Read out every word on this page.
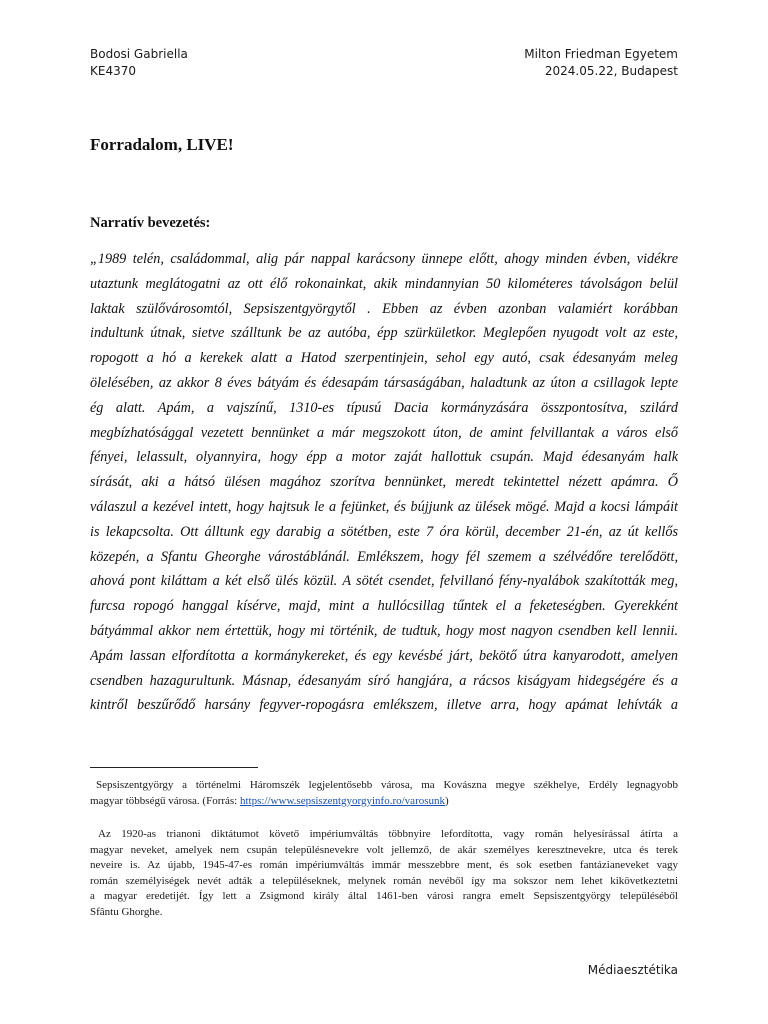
Bodosi Gabriella
KE4370
Milton Friedman Egyetem
2024.05.22, Budapest
Forradalom, LIVE!
Narratív bevezetés:
„1989 telén, családommal, alig pár nappal karácsony ünnepe előtt, ahogy minden évben, vidékre
utaztunk meglátogatni az ott élő rokonainkat, akik mindannyian 50 kilométeres távolságon belül
laktak szülővárosomtól, Sepsiszentgyörgytől . Ebben az évben azonban valamiért korábban
indultunk útnak, sietve szálltunk be az autóba, épp szürkületkor. Meglepően nyugodt volt az este,
ropogott a hó a kerekek alatt a Hatod szerpentinjein, sehol egy autó, csak édesanyám meleg
ölelésében, az akkor 8 éves bátyám és édesapám társaságában, haladtunk az úton a csillagok lepte
ég alatt. Apám, a vajszínű, 1310-es típusú Dacia kormányzására összpontosítva, szilárd
megbízhatósággal vezetett bennünket a már megszokott úton, de amint felvillantak a város első
fényei, lelassult, olyannyira, hogy épp a motor zaját hallottuk csupán. Majd édesanyám halk
sírását, aki a hátsó ülésen magához szorítva bennünket, meredt tekintettel nézett apámra. Ő
válaszul a kezével intett, hogy hajtsuk le a fejünket, és bújjunk az ülések mögé. Majd a kocsi lámpáit
is lekapcsolta. Ott álltunk egy darabig a sötétben, este 7 óra körül, december 21-én, az út kellős
közepén, a Sfantu Gheorghe várostáblánál. Emlékszem, hogy fél szemem a szélvédőre terelődött,
ahová pont kiláttam a két első ülés közül. A sötét csendet, felvillanó fény-nyalábok szakították meg,
furcsa ropogó hanggal kísérve, majd, mint a hullócsillag tűntek el a feketeségben. Gyerekként
bátyámmal akkor nem értettük, hogy mi történik, de tudtuk, hogy most nagyon csendben kell lennii.
Apám lassan elfordította a kormánykereket, és egy kevésbé járt, bekötő útra kanyarodott, amelyen
csendben hazagurultunk. Másnap, édesanyám síró hangjára, a rácsos kiságyam hidegségére és a
kintről beszűrődő harsány fegyver-ropogásra emlékszem, illetve arra, hogy apámat lehívták a
Sepsiszentgyörgy a történelmi Háromszék legjelentősebb városa, ma Kovászna megye székhelye, Erdély legnagyobb
magyar többségű városa. (Forrás: https://www.sepsiszentgyorgyinfo.ro/varosunk)
Az 1920-as trianoni diktátumot követő impériumváltás többnyire lefordította, vagy román helyesírással átírta a
magyar neveket, amelyek nem csupán településnevekre volt jellemző, de akár személyes keresztnevekre, utca és terek
neveire is. Az újabb, 1945-47-es román impériumváltás immár messzebbre ment, és sok esetben fantázianeveket vagy
román személyiségek nevét adták a településeknek, melynek román nevéből így ma sokszor nem lehet kikövetkeztetni
a magyar eredetijét. Így lett a Zsigmond király által 1461-ben városi rangra emelt Sepsiszentgyörgy településéből
Sfântu Ghorghe.
Médiaesztétika
